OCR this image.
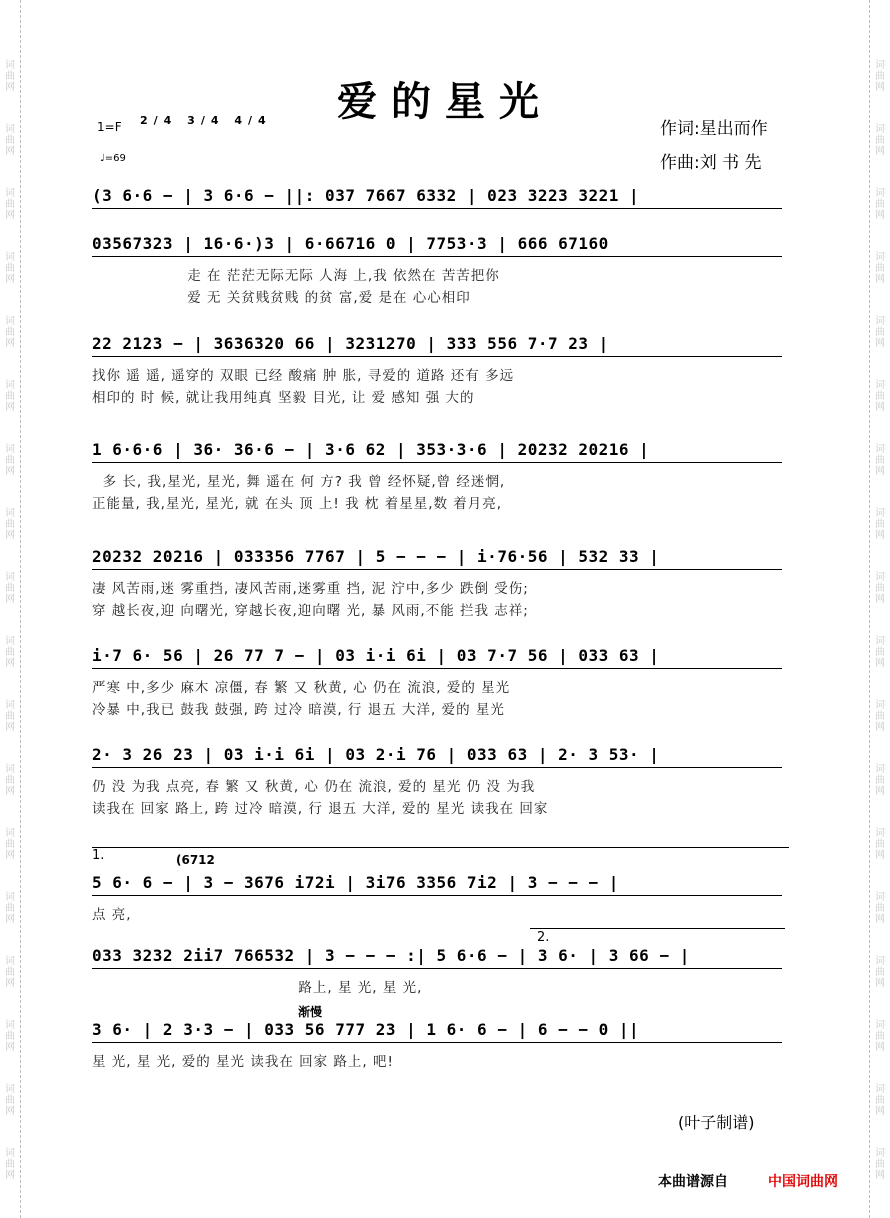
词
曲
网
词
曲
网
词
曲
网
词
曲
网
词
曲
网
词
曲
网
词
曲
网
词
曲
网
词
曲
网
词
曲
网
词
曲
网
词
曲
网
词
曲
网
词
曲
网
词
曲
网
词
曲
网
词
曲
网
词
曲
网
词
曲
网
词
曲
网
词
曲
网
词
曲
网
词
曲
网
词
曲
网
词
曲
网
词
曲
网
词
曲
网
词
曲
网
词
曲
网
词
曲
网
词
曲
网
词
曲
网
词
曲
网
词
曲
网
词
曲
网
词
曲
网
爱的星光
1=F 2/4 3/4 4/4
♩=69
作词:星出而作
作曲:刘 书 先
(3 6·6 − | 3 6·6 − ||: 037 7667 6332 | 023 3223 3221 |
03567323 | 16·6·)3 | 6·66716 0 | 7753·3 | 666 67160
走 在 茫茫无际无际 人海 上,我 依然在 苦苦把你
爱 无 关贫贱贫贱 的贫 富,爱 是在 心心相印
22 2123 − | 3636320 66 | 3231270 | 333 556 7·7 23 |
找你 遥 遥, 遥穿的 双眼 已经 酸痛 肿 胀, 寻爱的 道路 还有 多远
相印的 时 候, 就让我用纯真 坚毅 目光, 让 爱 感知 强 大的
1 6·6·6 | 36· 36·6 − | 3·6 62 | 353·3·6 | 20232 20216 |
多 长, 我,星光, 星光, 舞 遥在 何 方? 我 曾 经怀疑,曾 经迷惘,
正能量, 我,星光, 星光, 就 在头 顶 上! 我 枕 着星星,数 着月亮,
20232 20216 | 033356 7767 | 5 − − − | i·76·56 | 532 33 |
凄 风苦雨,迷 雾重挡, 凄风苦雨,迷雾重 挡, 泥 泞中,多少 跌倒 受伤;
穿 越长夜,迎 向曙光, 穿越长夜,迎向曙 光, 暴 风雨,不能 拦我 志祥;
i·7 6· 56 | 26 77 7 − | 03 i·i 6i | 03 7·7 56 | 033 63 |
严寒 中,多少 麻木 凉僵, 春 繁 又 秋黄, 心 仍在 流浪, 爱的 星光
冷暴 中,我已 鼓我 鼓强, 跨 过冷 暗漠, 行 退五 大洋, 爱的 星光
2· 3 26 23 | 03 i·i 6i | 03 2·i 76 | 033 63 | 2· 3 53· |
仍 没 为我 点亮, 春 繁 又 秋黄, 心 仍在 流浪, 爱的 星光 仍 没 为我
读我在 回家 路上, 跨 过冷 暗漠, 行 退五 大洋, 爱的 星光 读我在 回家
5 6· 6 − | 3 − 3676 i72i | 3i76 3356 7i2 | 3 − − − |
点 亮,
033 3232 2ii7 766532 | 3 − − − :| 5 6·6 − | 3 6· | 3 66 − |
路上, 星 光, 星 光,
3 6· | 2 3·3 − | 033 56 777 23 | 1 6· 6 − | 6 − − 0 ||
星 光, 星 光, 爱的 星光 读我在 回家 路上, 吧!
1.	(6712
2.
渐慢
(叶子制谱)
本曲谱源自	中国词曲网
